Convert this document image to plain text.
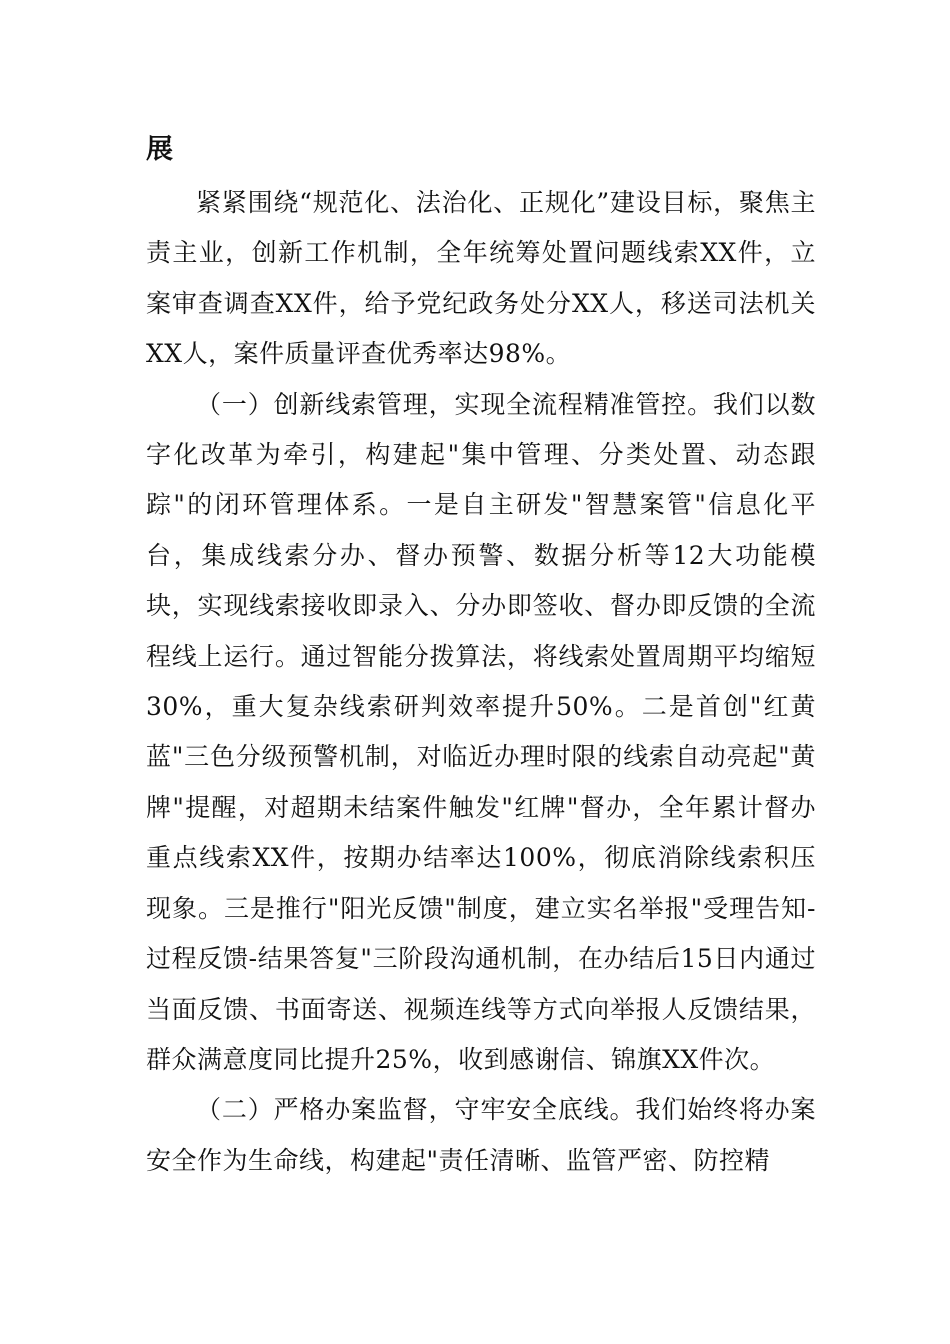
展

紧紧围绕“规范化、法治化、正规化”建设目标，聚焦主责主业，创新工作机制，全年统筹处置问题线索XX件，立案审查调查XX件，给予党纪政务处分XX人，移送司法机关XX人，案件质量评查优秀率达98%。

（一）创新线索管理，实现全流程精准管控。我们以数字化改革为牵引，构建起"集中管理、分类处置、动态跟踪"的闭环管理体系。一是自主研发"智慧案管"信息化平台，集成线索分办、督办预警、数据分析等12大功能模块，实现线索接收即录入、分办即签收、督办即反馈的全流程线上运行。通过智能分拨算法，将线索处置周期平均缩短30%，重大复杂线索研判效率提升50%。二是首创"红黄蓝"三色分级预警机制，对临近办理时限的线索自动亮起"黄牌"提醒，对超期未结案件触发"红牌"督办，全年累计督办重点线索XX件，按期办结率达100%，彻底消除线索积压现象。三是推行"阳光反馈"制度，建立实名举报"受理告知-过程反馈-结果答复"三阶段沟通机制，在办结后15日内通过当面反馈、书面寄送、视频连线等方式向举报人反馈结果，群众满意度同比提升25%，收到感谢信、锦旗XX件次。

（二）严格办案监督，守牢安全底线。我们始终将办案安全作为生命线，构建起"责任清晰、监管严密、防控精
